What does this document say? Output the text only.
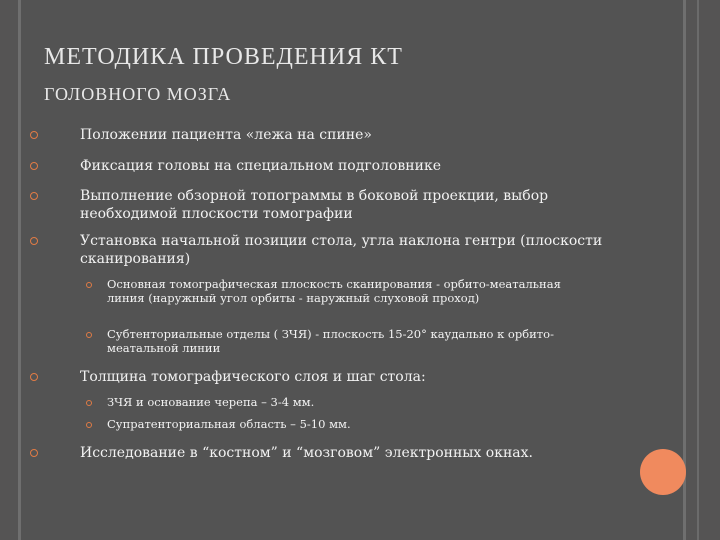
МЕТОДИКА ПРОВЕДЕНИЯ КТ
ГОЛОВНОГО МОЗГА
Положении пациента «лежа на спине»
Фиксация головы на специальном подголовнике
Выполнение обзорной топограммы в боковой проекции, выбор необходимой плоскости томографии
Установка начальной позиции стола, угла наклона гентри (плоскости сканирования)
Основная томографическая плоскость сканирования - орбито-меатальная линия (наружный угол орбиты - наружный слуховой проход)
Субтенториальные отделы ( ЗЧЯ) - плоскость 15-20° каудально к орбито-меатальной линии
Толщина томографического слоя и шаг стола:
ЗЧЯ и основание черепа – 3-4 мм.
Супратенториальная область – 5-10 мм.
Исследование в “костном” и “мозговом” электронных окнах.
